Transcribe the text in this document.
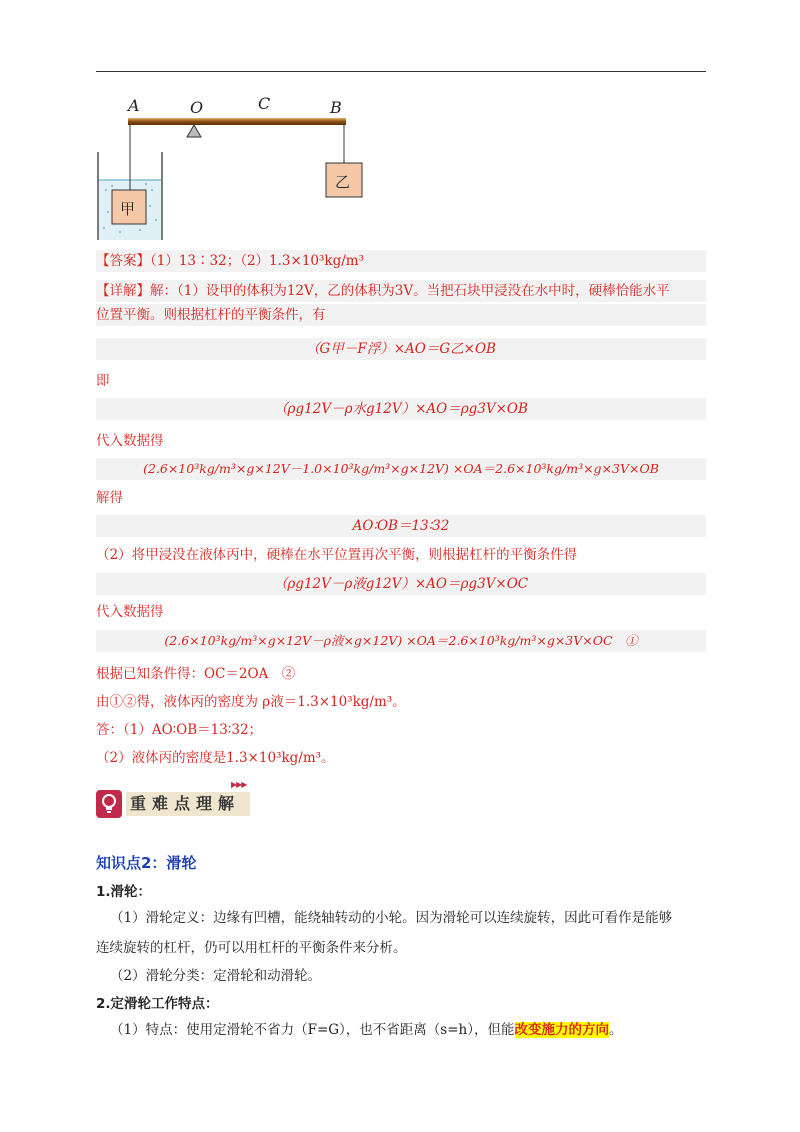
A	O	C	B
甲
乙
【答案】（1）13∶32；（2）1.3×10³kg/m³
【详解】解：（1）设甲的体积为12V，乙的体积为3V。当把石块甲浸没在水中时，硬棒恰能水平
位置平衡。则根据杠杆的平衡条件，有
（G甲－F浮）×AO＝G乙×OB
即
（ρg12V－ρ水g12V）×AO＝ρg3V×OB
代入数据得
(2.6×10³kg/m³×g×12V－1.0×10³kg/m³×g×12V) ×OA＝2.6×10³kg/m³×g×3V×OB
解得
AO∶OB＝13∶32
（2）将甲浸没在液体丙中，硬棒在水平位置再次平衡，则根据杠杆的平衡条件得
（ρg12V－ρ液g12V）×AO＝ρg3V×OC
代入数据得
(2.6×10³kg/m³×g×12V－ρ液×g×12V) ×OA＝2.6×10³kg/m³×g×3V×OC　①
根据已知条件得：OC＝2OA　②
由①②得，液体丙的密度为 ρ液＝1.3×10³kg/m³。
答：（1）AO∶OB＝13∶32；
（2）液体丙的密度是1.3×10³kg/m³。
重难点理解
▶▶▶
知识点2：滑轮
1.滑轮：
（1）滑轮定义：边缘有凹槽，能绕轴转动的小轮。因为滑轮可以连续旋转，因此可看作是能够
连续旋转的杠杆，仍可以用杠杆的平衡条件来分析。
（2）滑轮分类：定滑轮和动滑轮。
2.定滑轮工作特点：
（1）特点：使用定滑轮不省力（F=G），也不省距离（s=h），但能改变施力的方向。
